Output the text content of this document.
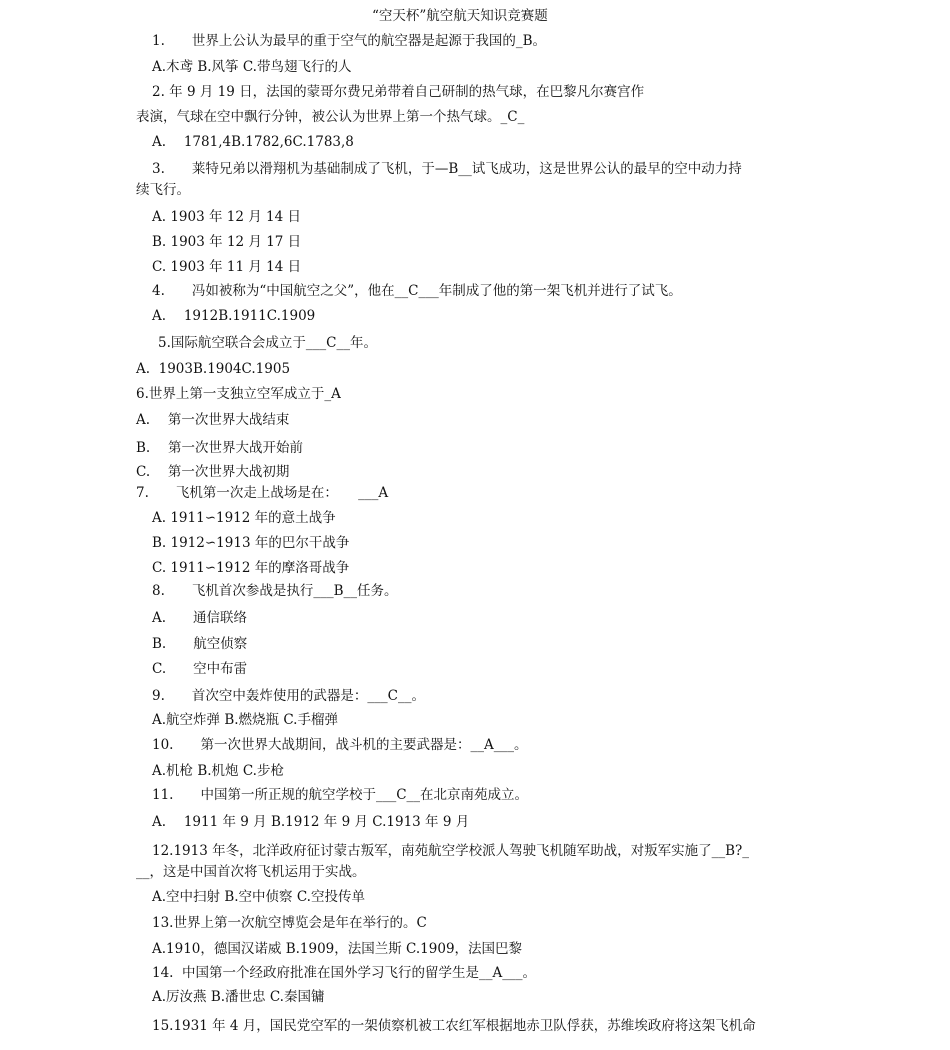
“空天杯”航空航天知识竞赛题
1.　　世界上公认为最早的重于空气的航空器是起源于我国的_B。
A.木鸢 B.风筝 C.带鸟翅飞行的人
2. 年 9 月 19 日，法国的蒙哥尔费兄弟带着自己研制的热气球，在巴黎凡尔赛宫作
表演，气球在空中飘行分钟，被公认为世界上第一个热气球。_C_
A.　 1781,4B.1782,6C.1783,8
3.　　莱特兄弟以滑翔机为基础制成了飞机，于—B__试飞成功，这是世界公认的最早的空中动力持
续飞行。
A. 1903 年 12 月 14 日
B. 1903 年 12 月 17 日
C. 1903 年 11 月 14 日
4.　　冯如被称为“中国航空之父”，他在__C___年制成了他的第一架飞机并进行了试飞。
A.　 1912B.1911C.1909
5.国际航空联合会成立于___C__年。
A.  1903B.1904C.1905
6.世界上第一支独立空军成立于_A
A.　 第一次世界大战结束
B.　 第一次世界大战开始前
C.　 第一次世界大战初期
7.　　飞机第一次走上战场是在：　　___A
A. 1911∽1912 年的意土战争
B. 1912∽1913 年的巴尔干战争
C. 1911∽1912 年的摩洛哥战争
8.　　飞机首次参战是执行___B__任务。
A.　　通信联络
B.　　航空侦察
C.　　空中布雷
9.　　首次空中轰炸使用的武器是：___C__。
A.航空炸弹 B.燃烧瓶 C.手榴弹
10.　　第一次世界大战期间，战斗机的主要武器是：__A___。
A.机枪 B.机炮 C.步枪
11.　　中国第一所正规的航空学校于___C__在北京南苑成立。
A.　 1911 年 9 月 B.1912 年 9 月 C.1913 年 9 月
12.1913 年冬，北洋政府征讨蒙古叛军，南苑航空学校派人驾驶飞机随军助战，对叛军实施了__B?_
__，这是中国首次将飞机运用于实战。
A.空中扫射 B.空中侦察 C.空投传单
13.世界上第一次航空博览会是年在举行的。C
A.1910，德国汉诺威 B.1909，法国兰斯 C.1909，法国巴黎
14.  中国第一个经政府批准在国外学习飞行的留学生是__A___。
A.厉汝燕 B.潘世忠 C.秦国镛
15.1931 年 4 月，国民党空军的一架侦察机被工农红军根据地赤卫队俘获，苏维埃政府将这架飞机命
